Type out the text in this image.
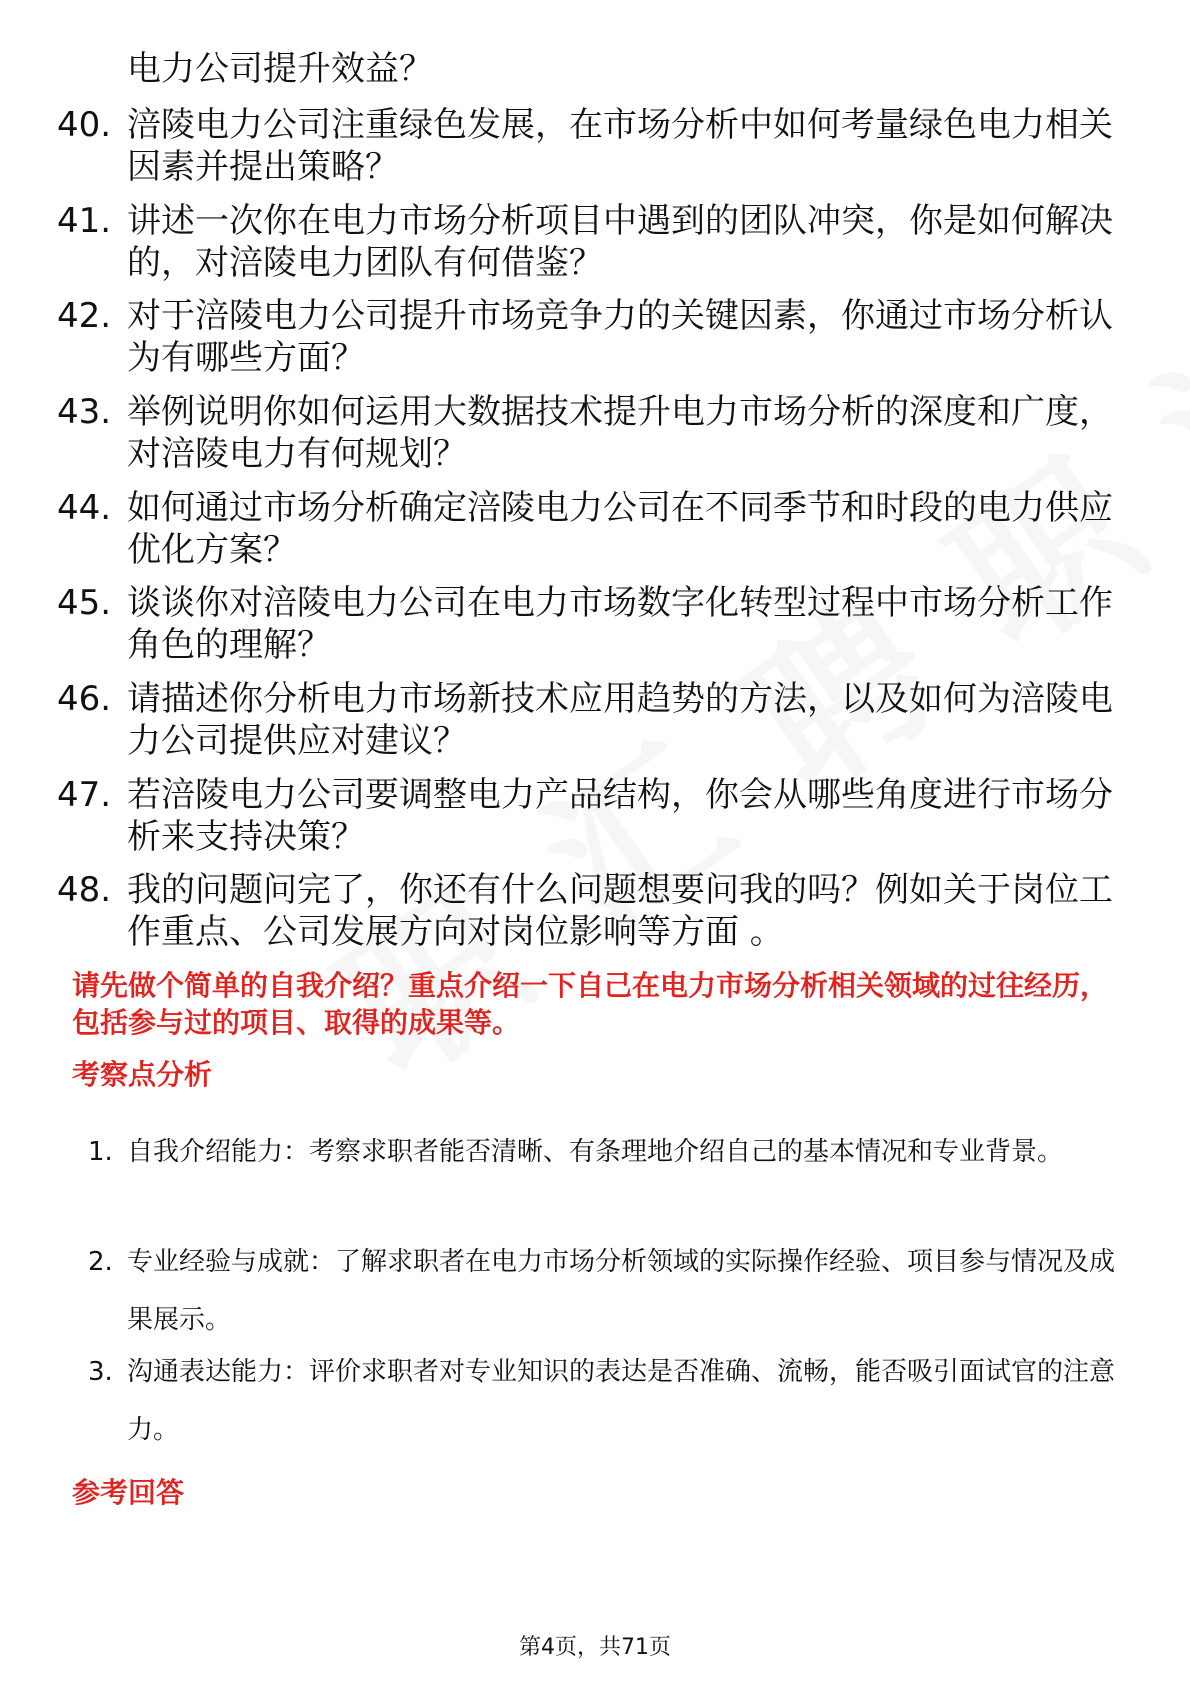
电力公司提升效益？
40. 涪陵电力公司注重绿色发展，在市场分析中如何考量绿色电力相关因素并提出策略？
41. 讲述一次你在电力市场分析项目中遇到的团队冲突，你是如何解决的，对涪陵电力团队有何借鉴？
42. 对于涪陵电力公司提升市场竞争力的关键因素，你通过市场分析认为有哪些方面？
43. 举例说明你如何运用大数据技术提升电力市场分析的深度和广度，对涪陵电力有何规划？
44. 如何通过市场分析确定涪陵电力公司在不同季节和时段的电力供应优化方案？
45. 谈谈你对涪陵电力公司在电力市场数字化转型过程中市场分析工作角色的理解？
46. 请描述你分析电力市场新技术应用趋势的方法，以及如何为涪陵电力公司提供应对建议？
47. 若涪陵电力公司要调整电力产品结构，你会从哪些角度进行市场分析来支持决策？
48. 我的问题问完了，你还有什么问题想要问我的吗？例如关于岗位工作重点、公司发展方向对岗位影响等方面 。
请先做个简单的自我介绍？重点介绍一下自己在电力市场分析相关领域的过往经历，包括参与过的项目、取得的成果等。
考察点分析
1. 自我介绍能力：考察求职者能否清晰、有条理地介绍自己的基本情况和专业背景。
2. 专业经验与成就：了解求职者在电力市场分析领域的实际操作经验、项目参与情况及成果展示。
3. 沟通表达能力：评价求职者对专业知识的表达是否准确、流畅，能否吸引面试官的注意力。
参考回答
第4页，共71页
